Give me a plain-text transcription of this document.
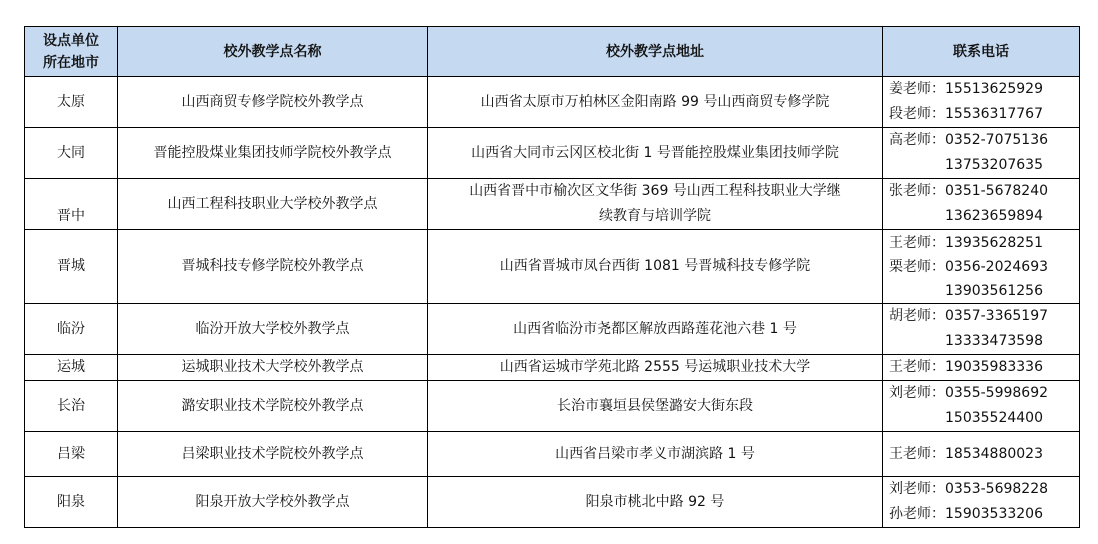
设点单位
所在地市	校外教学点名称	校外教学点地址	联系电话
太原	山西商贸专修学院校外教学点	山西省太原市万柏林区金阳南路 99 号山西商贸专修学院	姜老师：15513625929
段老师：15536317767

大同	晋能控股煤业集团技师学院校外教学点	山西省大同市云冈区校北街 1 号晋能控股煤业集团技师学院	高老师：0352-7075136
13753207635

晋中	山西工程科技职业大学校外教学点	山西省晋中市榆次区文华街 369 号山西工程科技职业大学继
续教育与培训学院	张老师：0351-5678240
13623659894

晋城	晋城科技专修学院校外教学点	山西省晋城市凤台西街 1081 号晋城科技专修学院	王老师：13935628251
栗老师：0356-2024693
13903561256

临汾	临汾开放大学校外教学点	山西省临汾市尧都区解放西路莲花池六巷 1 号	胡老师：0357-3365197
13333473598

运城	运城职业技术大学校外教学点	山西省运城市学苑北路 2555 号运城职业技术大学	王老师：19035983336

长治	潞安职业技术学院校外教学点	长治市襄垣县侯堡潞安大街东段	刘老师：0355-5998692
15035524400

吕梁	吕梁职业技术学院校外教学点	山西省吕梁市孝义市湖滨路 1 号	王老师：18534880023

阳泉	阳泉开放大学校外教学点	阳泉市桃北中路 92 号	刘老师：0353-5698228
孙老师：15903533206
